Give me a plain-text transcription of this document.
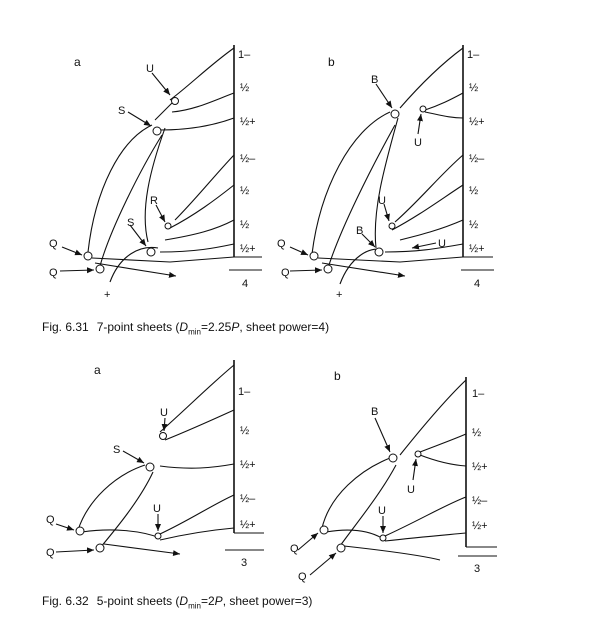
a	1–
½
½+
½–
½
½
½+
U
S
R
S
Q
Q
+
4
b	1–
½
½+
½–
½
½
½+
B
U
U
B
U
Q
Q
+
4
a
1–
½
½+
½–
½+
U
S
U
Q
Q
3
b
1–
½
½+
½–
½+
B
U
U
Q
Q
3
Fig. 6.31 7-point sheets ($D_{min}=2.25P$, sheet power=4)
Fig. 6.32 5-point sheets ($D_{min}=2P$, sheet power=3)
